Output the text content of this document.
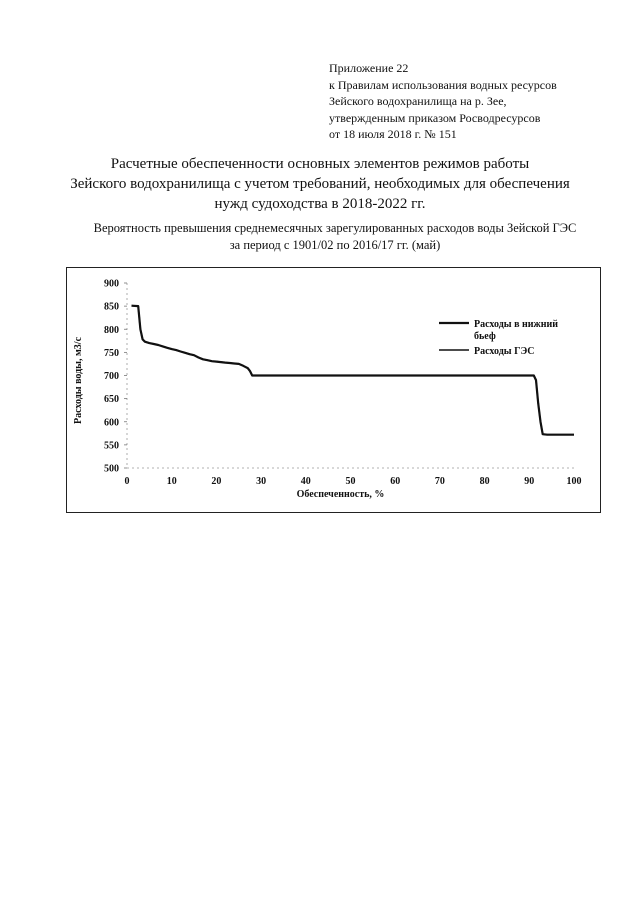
Приложение 22
к Правилам использования водных ресурсов
Зейского водохранилища на р. Зее,
утвержденным приказом Росводресурсов
от 18 июля 2018 г. № 151
Расчетные обеспеченности основных элементов режимов работы
Зейского водохранилища с учетом требований, необходимых для обеспечения
нужд судоходства в 2018-2022 гг.
Вероятность превышения среднемесячных зарегулированных расходов воды Зейской ГЭС
за период с 1901/02 по 2016/17 гг. (май)
500
550
600
650
700
750
800
850
900
0	10	20	30	40	50	60	70	80	90	100
Обеспеченность, %
Расходы воды, м3/с
Расходы в нижний бьеф
Расходы ГЭС
